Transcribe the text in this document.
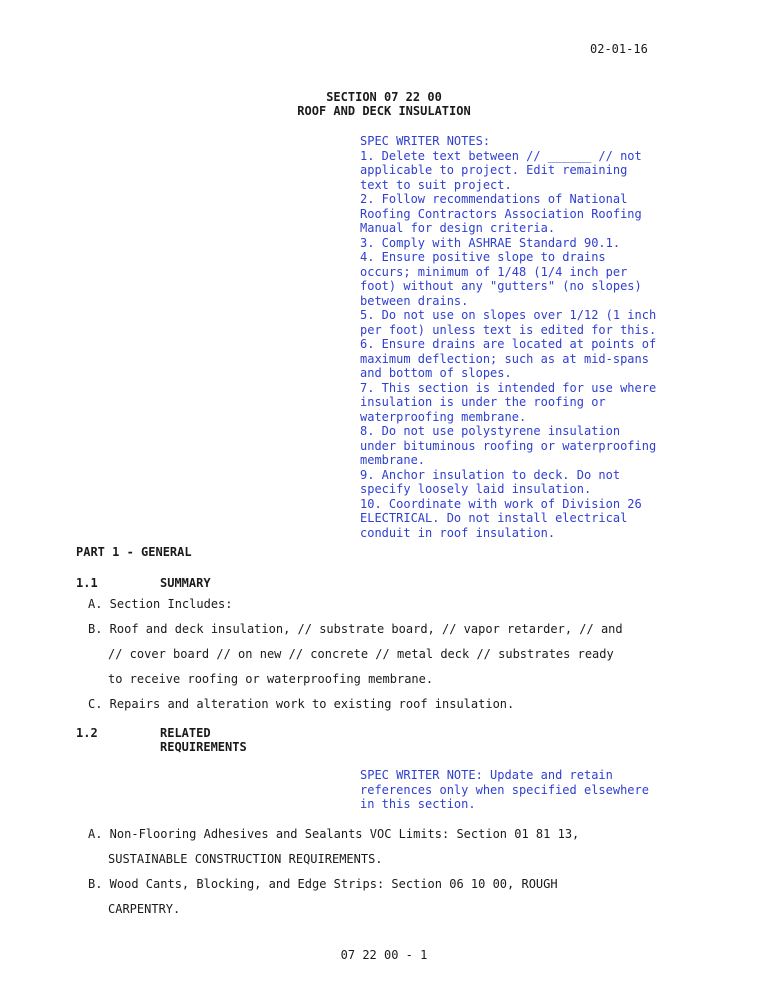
02-01-16
SECTION 07 22 00
ROOF AND DECK INSULATION
SPEC WRITER NOTES:
1. Delete text between // ______ // not
applicable to project. Edit remaining
text to suit project.
2. Follow recommendations of National
Roofing Contractors Association Roofing
Manual for design criteria.
3. Comply with ASHRAE Standard 90.1.
4. Ensure positive slope to drains
occurs; minimum of 1/48 (1/4 inch per
foot) without any "gutters" (no slopes)
between drains.
5. Do not use on slopes over 1/12 (1 inch
per foot) unless text is edited for this.
6. Ensure drains are located at points of
maximum deflection; such as at mid-spans
and bottom of slopes.
7. This section is intended for use where
insulation is under the roofing or
waterproofing membrane.
8. Do not use polystyrene insulation
under bituminous roofing or waterproofing
membrane.
9. Anchor insulation to deck. Do not
specify loosely laid insulation.
10. Coordinate with work of Division 26
ELECTRICAL. Do not install electrical
conduit in roof insulation.
PART 1 - GENERAL
1.1	SUMMARY
A. Section Includes:
B. Roof and deck insulation, // substrate board, // vapor retarder, // and
// cover board // on new // concrete // metal deck // substrates ready
to receive roofing or waterproofing membrane.
C. Repairs and alteration work to existing roof insulation.
1.2	RELATED REQUIREMENTS
SPEC WRITER NOTE: Update and retain
references only when specified elsewhere
in this section.
A. Non-Flooring Adhesives and Sealants VOC Limits: Section 01 81 13,
SUSTAINABLE CONSTRUCTION REQUIREMENTS.
B. Wood Cants, Blocking, and Edge Strips: Section 06 10 00, ROUGH
CARPENTRY.
07 22 00 - 1
